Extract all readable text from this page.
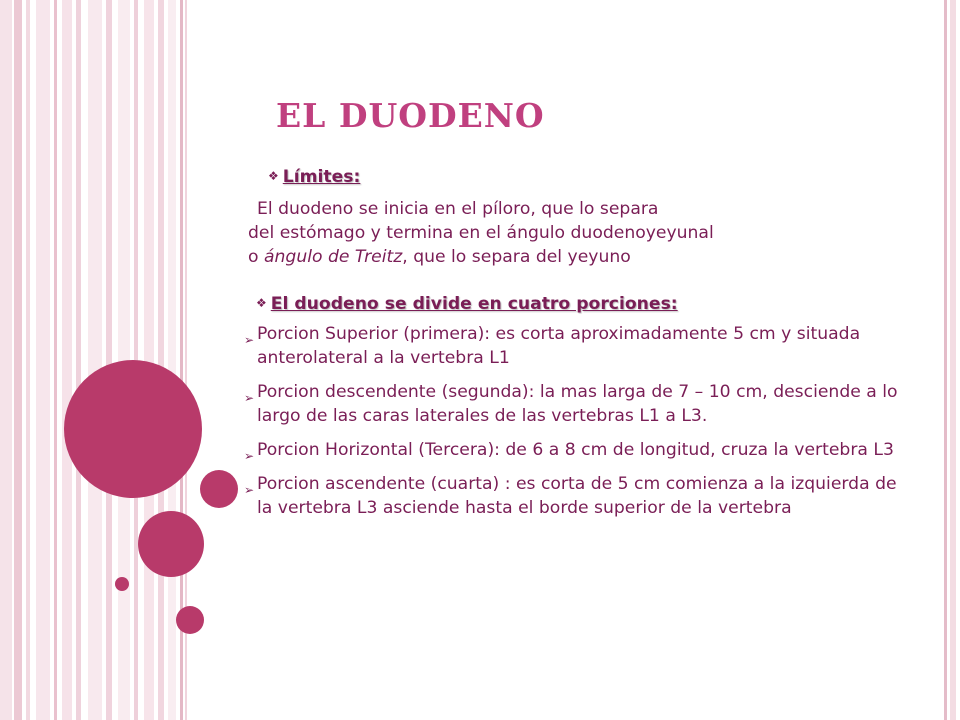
EL DUODENO
❖ Límites:
El duodeno se inicia en el píloro, que lo separa
del estómago y termina en el ángulo duodenoyeyunal
o ángulo de Treitz, que lo separa del yeyuno
❖ El duodeno se divide en cuatro porciones:
➢ Porcion Superior (primera): es corta aproximadamente 5 cm y situada anterolateral a la vertebra L1
➢ Porcion descendente (segunda): la mas larga de 7 – 10 cm, desciende a lo largo de las caras laterales de las vertebras L1 a L3.
➢ Porcion Horizontal (Tercera): de 6 a 8 cm de longitud, cruza la vertebra L3
➢ Porcion ascendente (cuarta) : es corta de 5 cm comienza a la izquierda de la vertebra L3 asciende hasta el borde superior de la vertebra
